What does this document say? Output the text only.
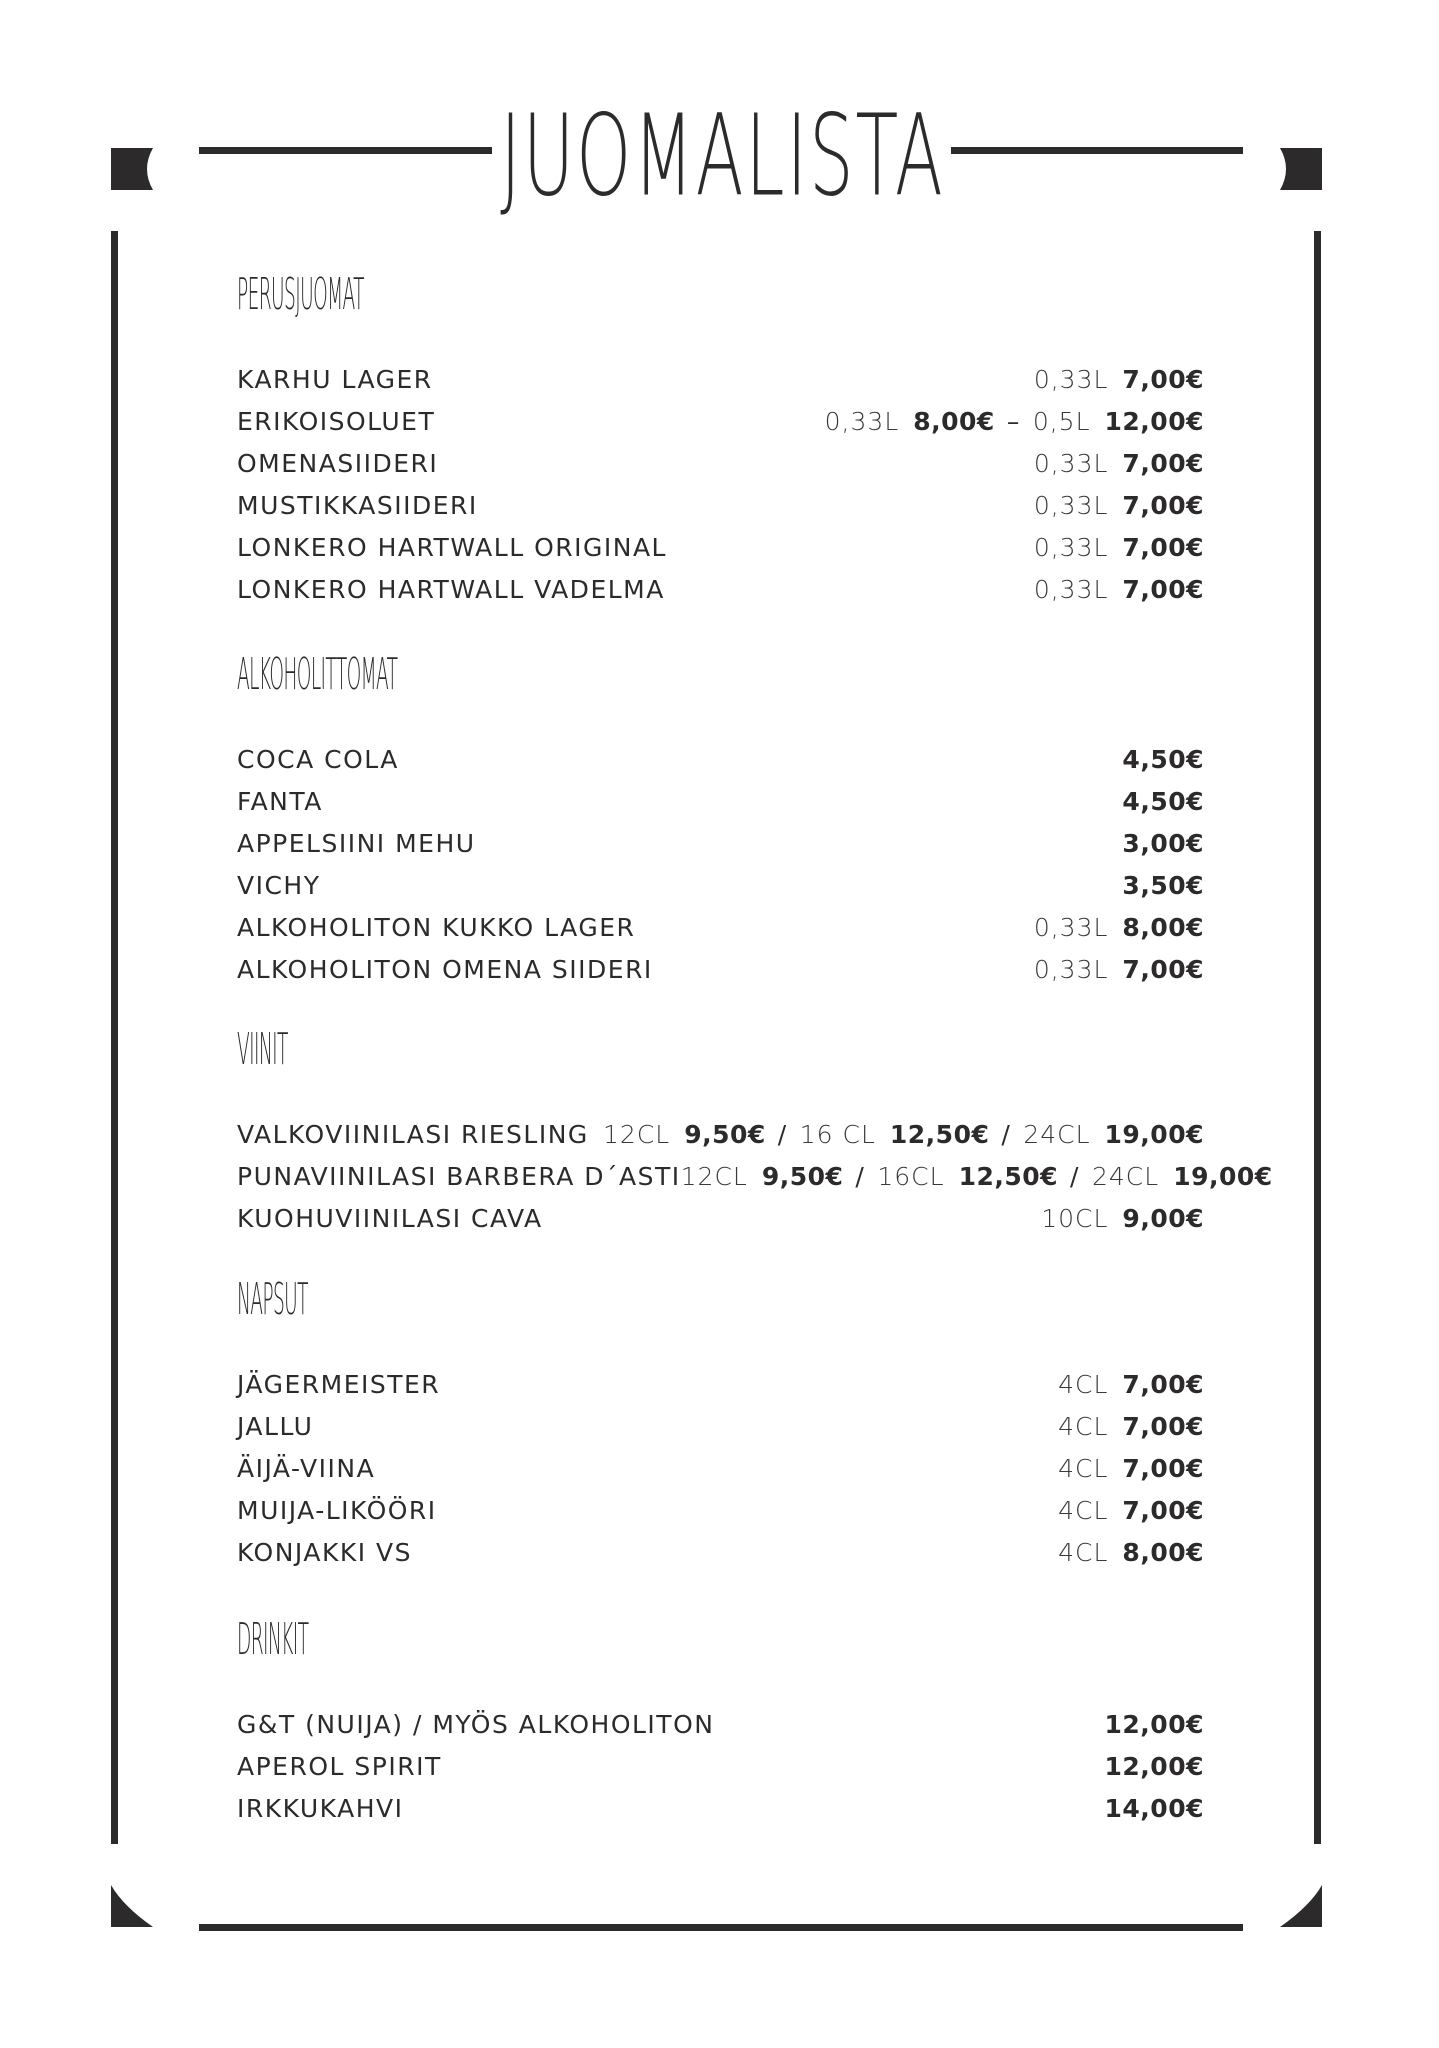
JUOMALISTA
PERUSJUOMAT
KARHU LAGER	0,33L 7,00€
ERIKOISOLUET	0,33L 8,00€ – 0,5L 12,00€
OMENASIIDERI	0,33L 7,00€
MUSTIKKASIIDERI	0,33L 7,00€
LONKERO HARTWALL ORIGINAL	0,33L 7,00€
LONKERO HARTWALL VADELMA	0,33L 7,00€
ALKOHOLITTOMAT
COCA COLA	4,50€
FANTA	4,50€
APPELSIINI MEHU	3,00€
VICHY	3,50€
ALKOHOLITON KUKKO LAGER	0,33L 8,00€
ALKOHOLITON OMENA SIIDERI	0,33L 7,00€
VIINIT
VALKOVIINILASI RIESLING 12CL 9,50€ / 16 CL 12,50€ / 24CL 19,00€
PUNAVIINILASI BARBERA D´ASTI 12CL 9,50€ / 16CL 12,50€ / 24CL 19,00€
KUOHUVIINILASI CAVA	10CL 9,00€
NAPSUT
JÄGERMEISTER	4CL 7,00€
JALLU	4CL 7,00€
ÄIJÄ-VIINA	4CL 7,00€
MUIJA-LIKÖÖRI	4CL 7,00€
KONJAKKI VS	4CL 8,00€
DRINKIT
G&T (NUIJA) / MYÖS ALKOHOLITON	12,00€
APEROL SPIRIT	12,00€
IRKKUKAHVI	14,00€
